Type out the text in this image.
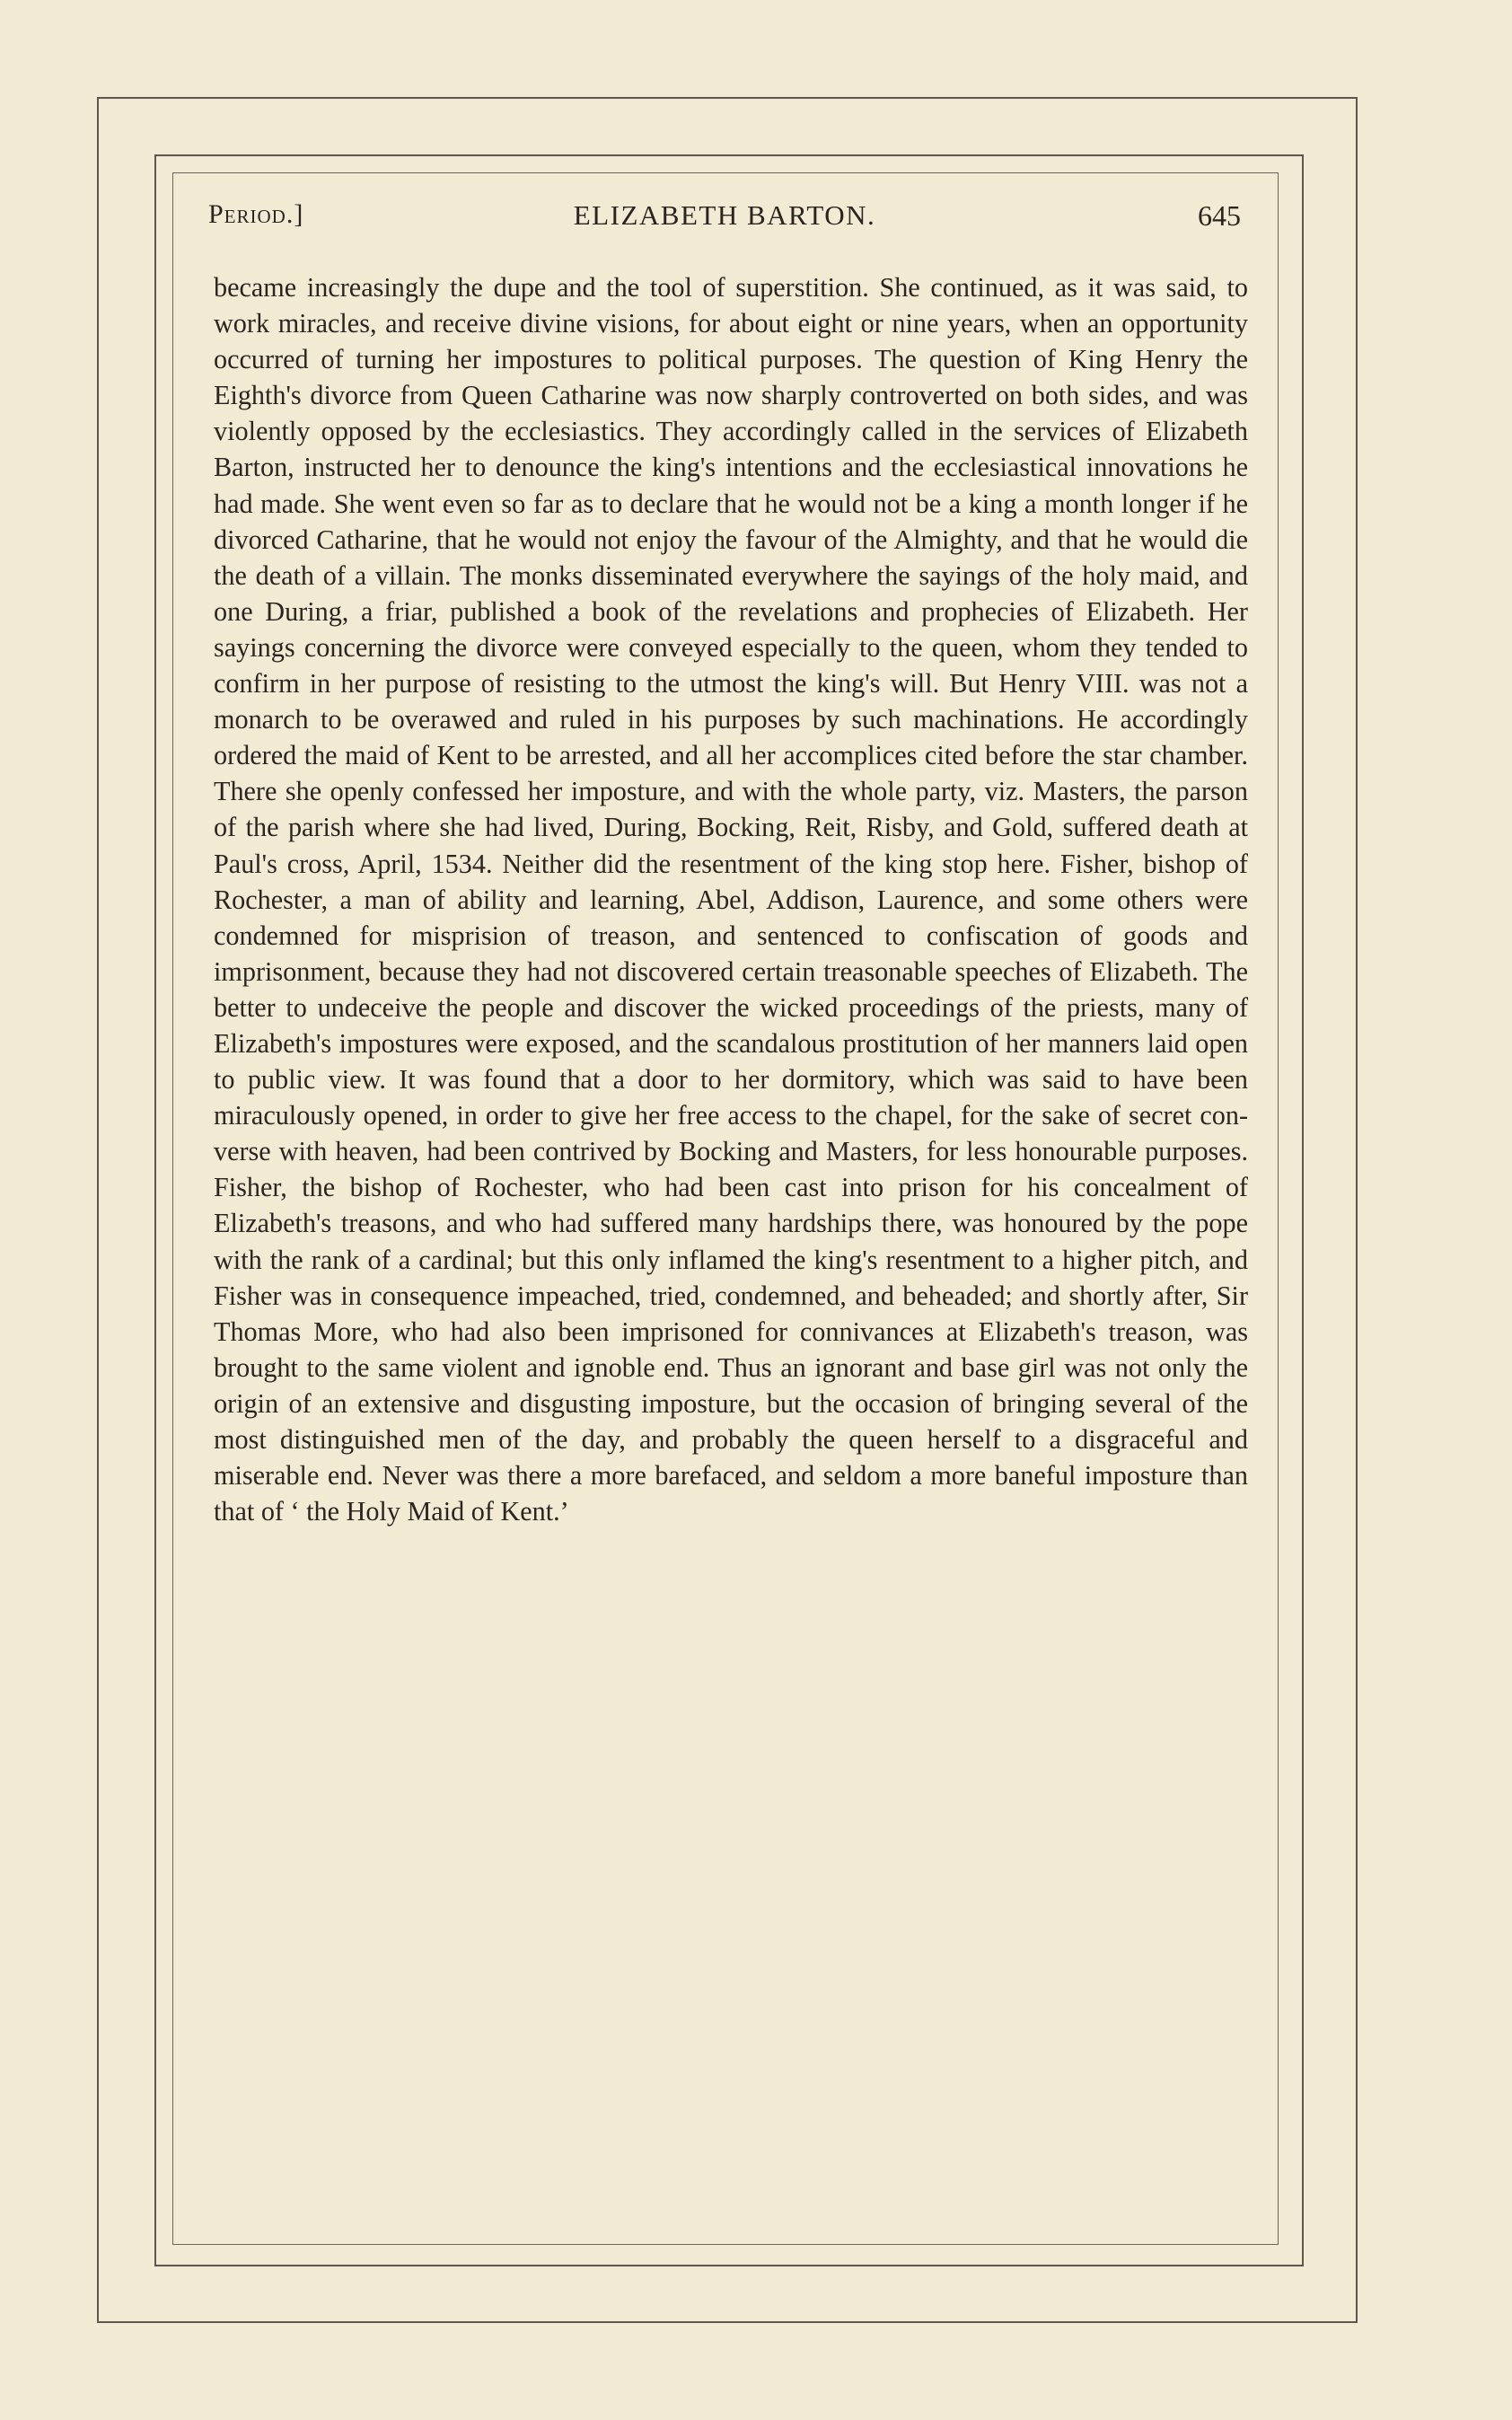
Period.]	ELIZABETH BARTON.	645

became increasingly the dupe and the tool of superstition. She continued, as it was said, to work miracles, and receive divine visions, for about eight or nine years, when an opportunity occurred of turning her impostures to political purposes. The question of King Henry the Eighth's divorce from Queen Catharine was now sharply controverted on both sides, and was violently opposed by the ecclesiastics. They accordingly called in the services of Elizabeth Barton, instructed her to denounce the king's intentions and the ecclesiastical innovations he had made. She went even so far as to declare that he would not be a king a month longer if he divorced Catharine, that he would not enjoy the favour of the Almighty, and that he would die the death of a villain. The monks disseminated everywhere the sayings of the holy maid, and one During, a friar, published a book of the revelations and prophecies of Elizabeth. Her sayings concerning the divorce were conveyed especially to the queen, whom they tended to confirm in her purpose of resisting to the utmost the king's will. But Henry VIII. was not a monarch to be overawed and ruled in his purposes by such machinations. He accordingly ordered the maid of Kent to be arrested, and all her accomplices cited before the star chamber. There she openly confessed her imposture, and with the whole party, viz. Masters, the parson of the parish where she had lived, During, Bocking, Reit, Risby, and Gold, suffered death at Paul's cross, April, 1534. Neither did the resentment of the king stop here. Fisher, bishop of Rochester, a man of ability and learning, Abel, Addison, Laurence, and some others were condemned for misprision of treason, and sentenced to confiscation of goods and imprisonment, because they had not discovered certain treasonable speeches of Elizabeth. The better to undeceive the people and discover the wicked proceedings of the priests, many of Elizabeth's impostures were exposed, and the scandalous prostitution of her manners laid open to public view. It was found that a door to her dormitory, which was said to have been miraculously opened, in order to give her free access to the chapel, for the sake of secret converse with heaven, had been contrived by Bocking and Masters, for less honourable purposes. Fisher, the bishop of Rochester, who had been cast into prison for his concealment of Elizabeth's treasons, and who had suffered many hardships there, was honoured by the pope with the rank of a cardinal; but this only inflamed the king's resentment to a higher pitch, and Fisher was in consequence impeached, tried, condemned, and beheaded; and shortly after, Sir Thomas More, who had also been imprisoned for connivances at Elizabeth's treason, was brought to the same violent and ignoble end. Thus an ignorant and base girl was not only the origin of an extensive and disgusting imposture, but the occasion of bringing several of the most distinguished men of the day, and probably the queen herself to a disgraceful and miserable end. Never was there a more barefaced, and seldom a more baneful imposture than that of ‘ the Holy Maid of Kent.’
